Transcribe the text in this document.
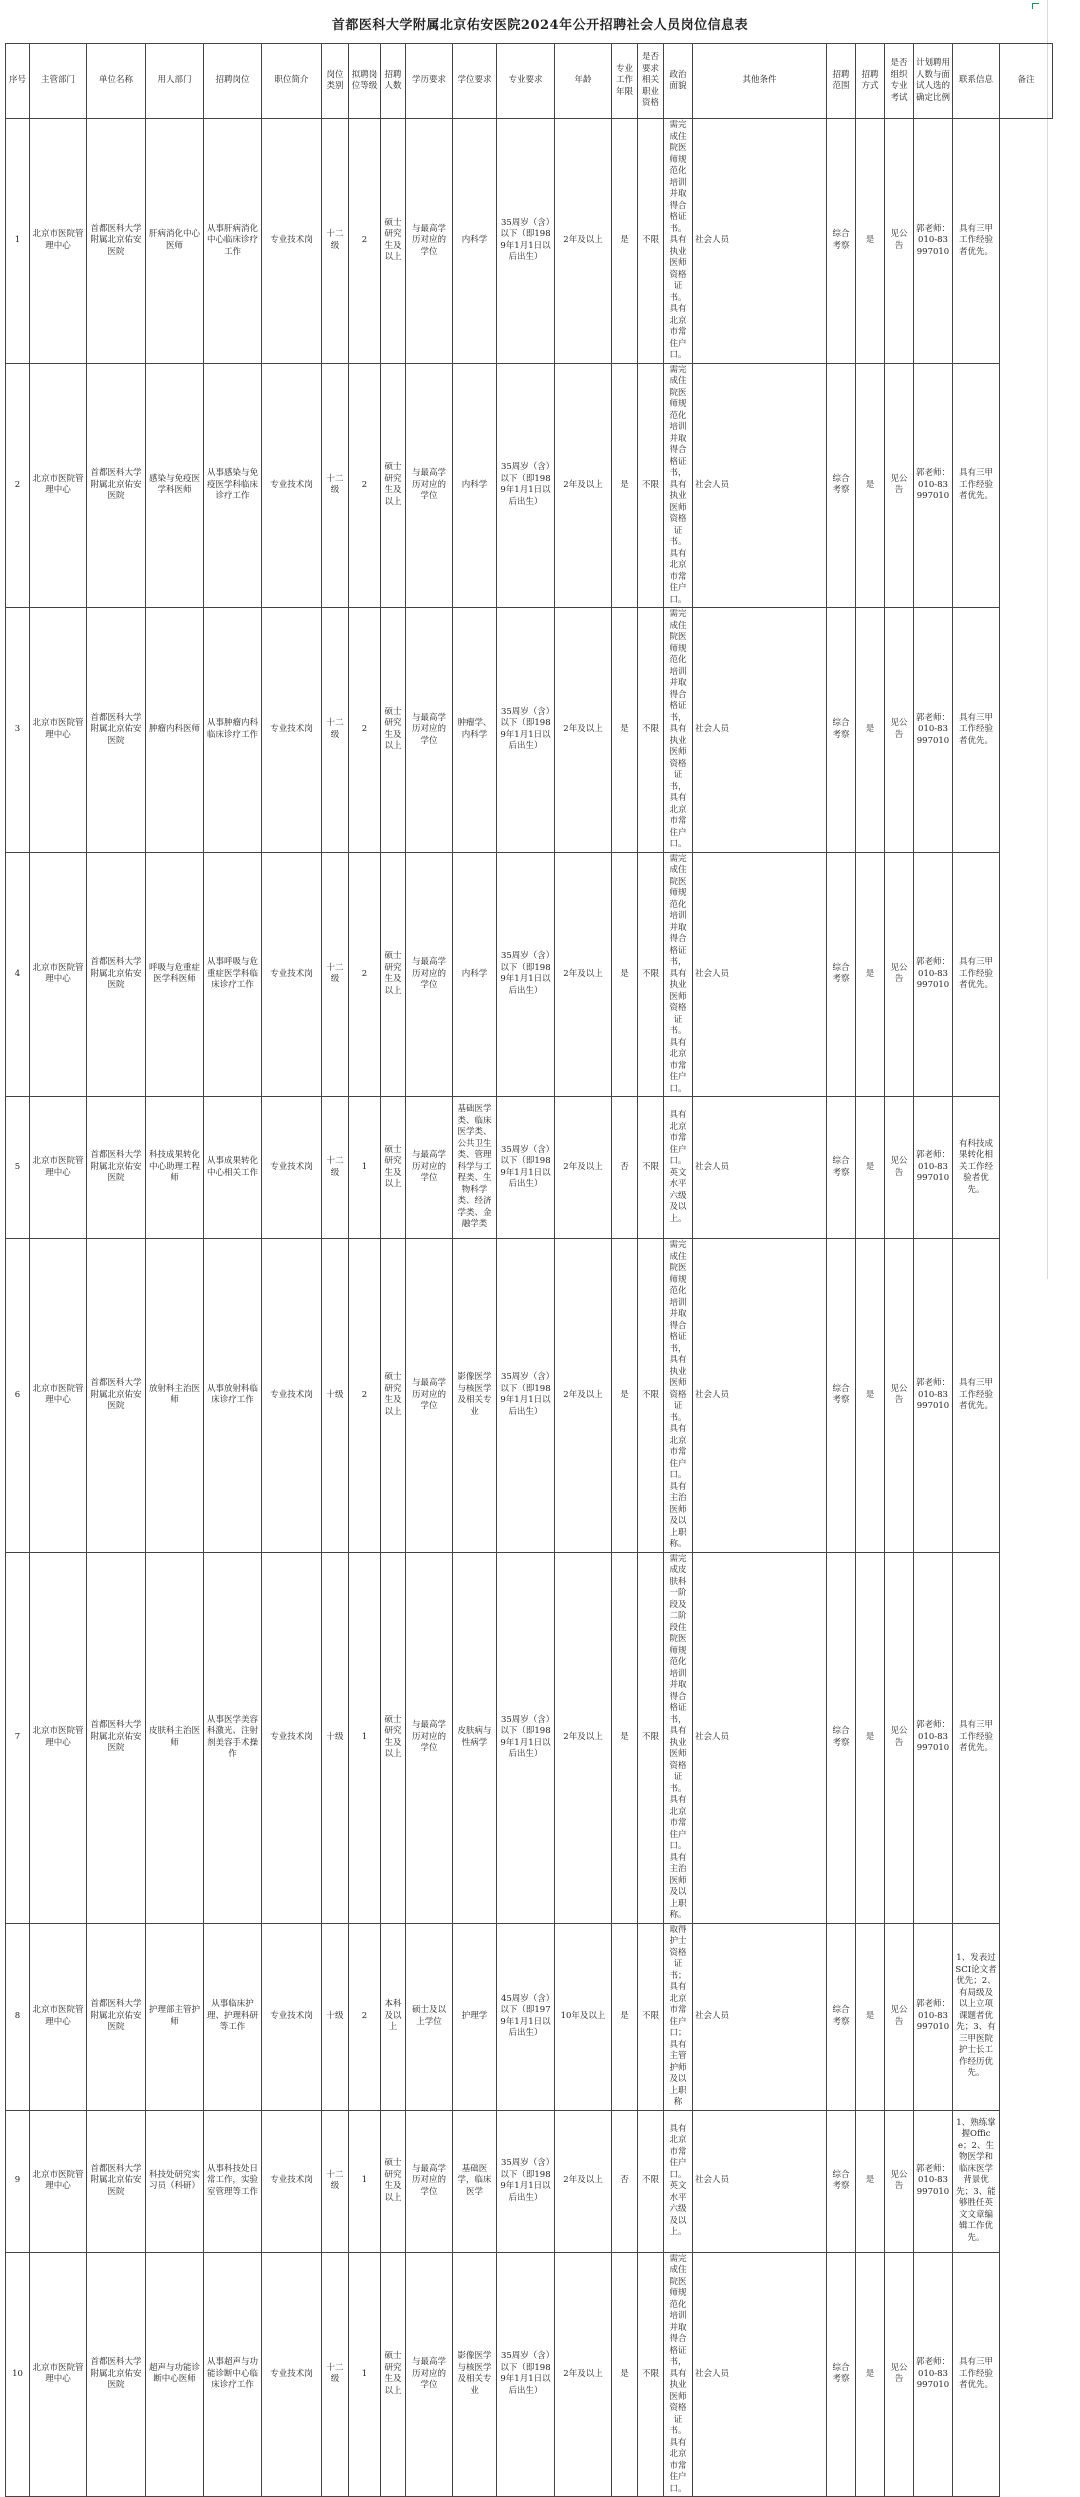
首都医科大学附属北京佑安医院2024年公开招聘社会人员岗位信息表
序号	主管部门	单位名称	用人部门	招聘岗位	职位简介	岗位类别	拟聘岗位等级	招聘人数	学历要求	学位要求	专业要求	年龄	专业工作年限	是否要求相关职业资格	政治面貌	其他条件	招聘范围	招聘方式	是否组织专业考试	计划聘用人数与面试人选的确定比例	联系信息	备注
1	北京市医院管理中心	首都医科大学附属北京佑安医院	肝病消化中心医师	从事肝病消化中心临床诊疗工作	专业技术岗	十二级	2	硕士研究生及以上	与最高学历对应的学位	内科学	35周岁（含）以下（即1989年1月1日以后出生）	2年及以上	是	不限	需完成住院医师规范化培训并取得合格证书。具有执业医师资格证书。具有北京市常住户口。	社会人员	综合考察	是	见公告	郭老师：010-83997010	具有三甲工作经验者优先。	
2	北京市医院管理中心	首都医科大学附属北京佑安医院	感染与免疫医学科医师	从事感染与免疫医学科临床诊疗工作	专业技术岗	十二级	2	硕士研究生及以上	与最高学历对应的学位	内科学	35周岁（含）以下（即1989年1月1日以后出生）	2年及以上	是	不限	需完成住院医师规范化培训并取得合格证书，具有执业医师资格证书。具有北京市常住户口。	社会人员	综合考察	是	见公告	郭老师：010-83997010	具有三甲工作经验者优先。	
3	北京市医院管理中心	首都医科大学附属北京佑安医院	肿瘤内科医师	从事肿瘤内科临床诊疗工作	专业技术岗	十二级	2	硕士研究生及以上	与最高学历对应的学位	肿瘤学、内科学	35周岁（含）以下（即1989年1月1日以后出生）	2年及以上	是	不限	需完成住院医师规范化培训并取得合格证书，具有执业医师资格证书，具有北京市常住户口。	社会人员	综合考察	是	见公告	郭老师：010-83997010	具有三甲工作经验者优先。	
4	北京市医院管理中心	首都医科大学附属北京佑安医院	呼吸与危重症医学科医师	从事呼吸与危重症医学科临床诊疗工作	专业技术岗	十二级	2	硕士研究生及以上	与最高学历对应的学位	内科学	35周岁（含）以下（即1989年1月1日以后出生）	2年及以上	是	不限	需完成住院医师规范化培训并取得合格证书，具有执业医师资格证书。具有北京市常住户口。	社会人员	综合考察	是	见公告	郭老师：010-83997010	具有三甲工作经验者优先。	
5	北京市医院管理中心	首都医科大学附属北京佑安医院	科技成果转化中心助理工程师	从事成果转化中心相关工作	专业技术岗	十二级	1	硕士研究生及以上	与最高学历对应的学位	基础医学类、临床医学类、公共卫生类、管理科学与工程类、生物科学类、经济学类、金融学类	35周岁（含）以下（即1989年1月1日以后出生）	2年及以上	否	不限	具有北京市常住户口。英文水平六级及以上。	社会人员	综合考察	是	见公告	郭老师：010-83997010	有科技成果转化相关工作经验者优先。	
6	北京市医院管理中心	首都医科大学附属北京佑安医院	放射科主治医师	从事放射科临床诊疗工作	专业技术岗	十级	2	硕士研究生及以上	与最高学历对应的学位	影像医学与核医学及相关专业	35周岁（含）以下（即1989年1月1日以后出生）	2年及以上	是	不限	需完成住院医师规范化培训并取得合格证书，具有执业医师资格证书。具有北京市常住户口。具有主治医师及以上职称。	社会人员	综合考察	是	见公告	郭老师：010-83997010	具有三甲工作经验者优先。	
7	北京市医院管理中心	首都医科大学附属北京佑安医院	皮肤科主治医师	从事医学美容科激光、注射剂美容手术操作	专业技术岗	十级	1	硕士研究生及以上	与最高学历对应的学位	皮肤病与性病学	35周岁（含）以下（即1989年1月1日以后出生）	2年及以上	是	不限	需完成皮肤科一阶段及二阶段住院医师规范化培训并取得合格证书，具有执业医师资格证书。具有北京市常住户口。具有主治医师及以上职称。	社会人员	综合考察	是	见公告	郭老师：010-83997010	具有三甲工作经验者优先。	
8	北京市医院管理中心	首都医科大学附属北京佑安医院	护理部主管护师	从事临床护理、护理科研等工作	专业技术岗	十级	2	本科及以上	硕士及以上学位	护理学	45周岁（含）以下（即1979年1月1日以后出生）	10年及以上	是	不限	取得护士资格证书；具有北京市常住户口；具有主管护师及以上职称	社会人员	综合考察	是	见公告	郭老师：010-83997010	1、发表过SCI论文者优先；2、有局级及以上立项课题者优先；3、有三甲医院护士长工作经历优先。	
9	北京市医院管理中心	首都医科大学附属北京佑安医院	科技处研究实习员（科研）	从事科技处日常工作，实验室管理等工作	专业技术岗	十二级	1	硕士研究生及以上	与最高学历对应的学位	基础医学，临床医学	35周岁（含）以下（即1989年1月1日以后出生）	2年及以上	否	不限	具有北京市常住户口。英文水平六级及以上。	社会人员	综合考察	是	见公告	郭老师：010-83997010	1、熟练掌握Office；2、生物医学和临床医学背景优先；3、能够胜任英文文章编辑工作优先。	
10	北京市医院管理中心	首都医科大学附属北京佑安医院	超声与功能诊断中心医师	从事超声与功能诊断中心临床诊疗工作	专业技术岗	十二级	1	硕士研究生及以上	与最高学历对应的学位	影像医学与核医学及相关专业	35周岁（含）以下（即1989年1月1日以后出生）	2年及以上	是	不限	需完成住院医师规范化培训并取得合格证书，具有执业医师资格证书。具有北京市常住户口。	社会人员	综合考察	是	见公告	郭老师：010-83997010	具有三甲工作经验者优先。	
